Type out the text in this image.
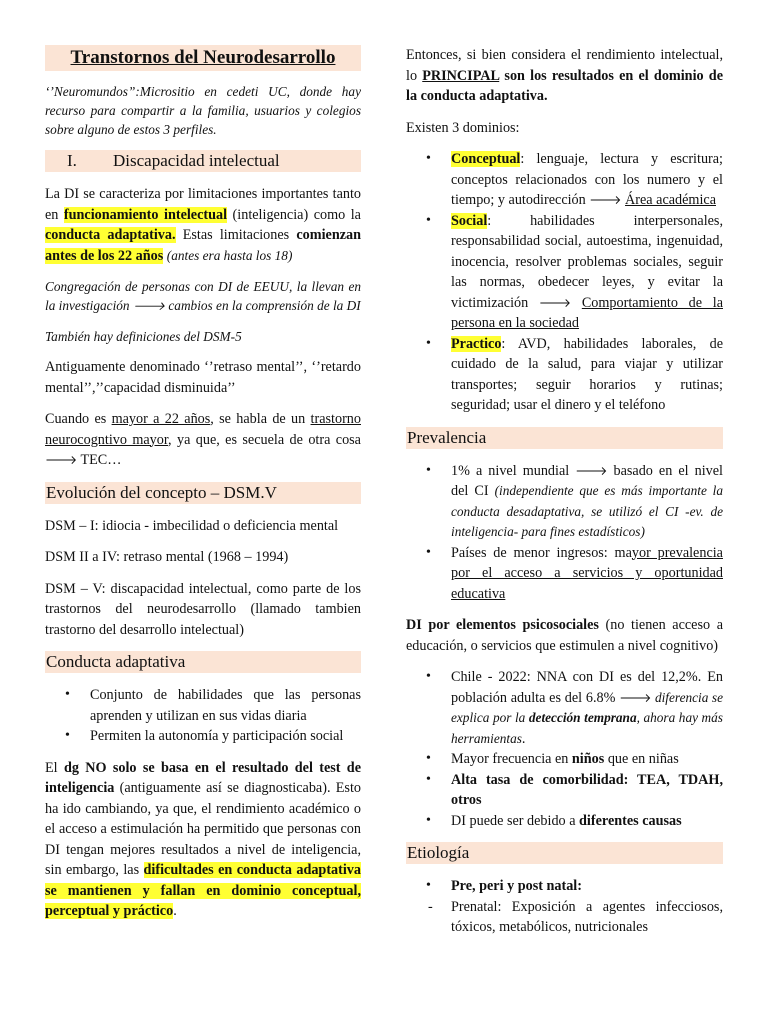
Transtornos del Neurodesarrollo

‘’Neuromundos”:Micrositio en cedeti UC, donde hay recurso para compartir a la familia, usuarios y colegios sobre alguno de estos 3 perfiles.

I. Discapacidad intelectual

La DI se caracteriza por limitaciones importantes tanto en funcionamiento intelectual (inteligencia) como la conducta adaptativa. Estas limitaciones comienzan antes de los 22 años (antes era hasta los 18)

Congregación de personas con DI de EEUU, la llevan en la investigación 🡒 cambios en la comprensión de la DI

También hay definiciones del DSM-5

Antiguamente denominado ‘’retraso mental’’, ‘’retardo mental’’,’’capacidad disminuida’’

Cuando es mayor a 22 años, se habla de un trastorno neurocogntivo mayor, ya que, es secuela de otra cosa 🡒 TEC…

Evolución del concepto – DSM.V

DSM – I: idiocia - imbecilidad o deficiencia mental

DSM II a IV: retraso mental (1968 – 1994)

DSM – V: discapacidad intelectual, como parte de los trastornos del neurodesarrollo (llamado tambien trastorno del desarrollo intelectual)

Conducta adaptativa
• Conjunto de habilidades que las personas aprenden y utilizan en sus vidas diaria
• Permiten la autonomía y participación social

El dg NO solo se basa en el resultado del test de inteligencia (antiguamente así se diagnosticaba). Esto ha ido cambiando, ya que, el rendimiento académico o el acceso a estimulación ha permitido que personas con DI tengan mejores resultados a nivel de inteligencia, sin embargo, las dificultades en conducta adaptativa se mantienen y fallan en dominio conceptual, perceptual y práctico.

Entonces, si bien considera el rendimiento intelectual, lo PRINCIPAL son los resultados en el dominio de la conducta adaptativa.

Existen 3 dominios:

• Conceptual: lenguaje, lectura y escritura; conceptos relacionados con los numero y el tiempo; y autodirección 🡒 Área académica
• Social: habilidades interpersonales, responsabilidad social, autoestima, ingenuidad, inocencia, resolver problemas sociales, seguir las normas, obedecer leyes, y evitar la victimización 🡒 Comportamiento de la persona en la sociedad
• Practico: AVD, habilidades laborales, de cuidado de la salud, para viajar y utilizar transportes; seguir horarios y rutinas; seguridad; usar el dinero y el teléfono
Prevalencia
• 1% a nivel mundial 🡒 basado en el nivel del CI (independiente que es más importante la conducta desadaptativa, se utilizó el CI -ev. de inteligencia- para fines estadísticos)
• Países de menor ingresos: mayor prevalencia por el acceso a servicios y oportunidad educativa

DI por elementos psicosociales (no tienen acceso a educación, o servicios que estimulen a nivel cognitivo)

• Chile - 2022: NNA con DI es del 12,2%. En población adulta es del 6.8% 🡒 diferencia se explica por la detección temprana, ahora hay más herramientas.
• Mayor frecuencia en niños que en niñas
• Alta tasa de comorbilidad: TEA, TDAH, otros
• DI puede ser debido a diferentes causas
Etiología
• Pre, peri y post natal:
- Prenatal: Exposición a agentes infecciosos, tóxicos, metabólicos, nutricionales
